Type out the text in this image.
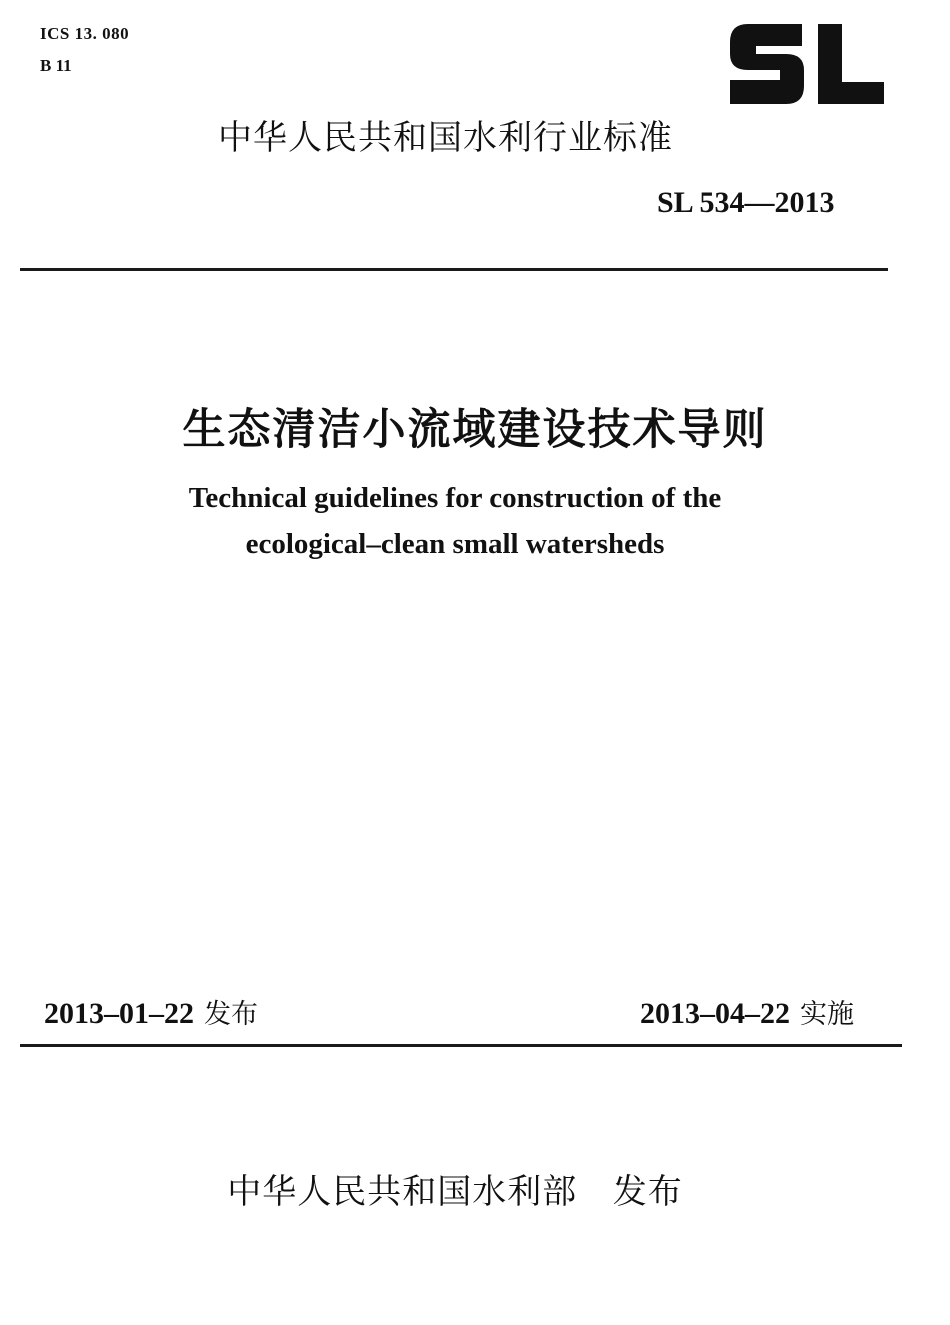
ICS 13. 080
B 11
中华人民共和国水利行业标准
SL 534—2013
生态清洁小流域建设技术导则
Technical guidelines for construction of the
ecological–clean small watersheds
2013–01–22 发布	2013–04–22 实施
中华人民共和国水利部   发布
